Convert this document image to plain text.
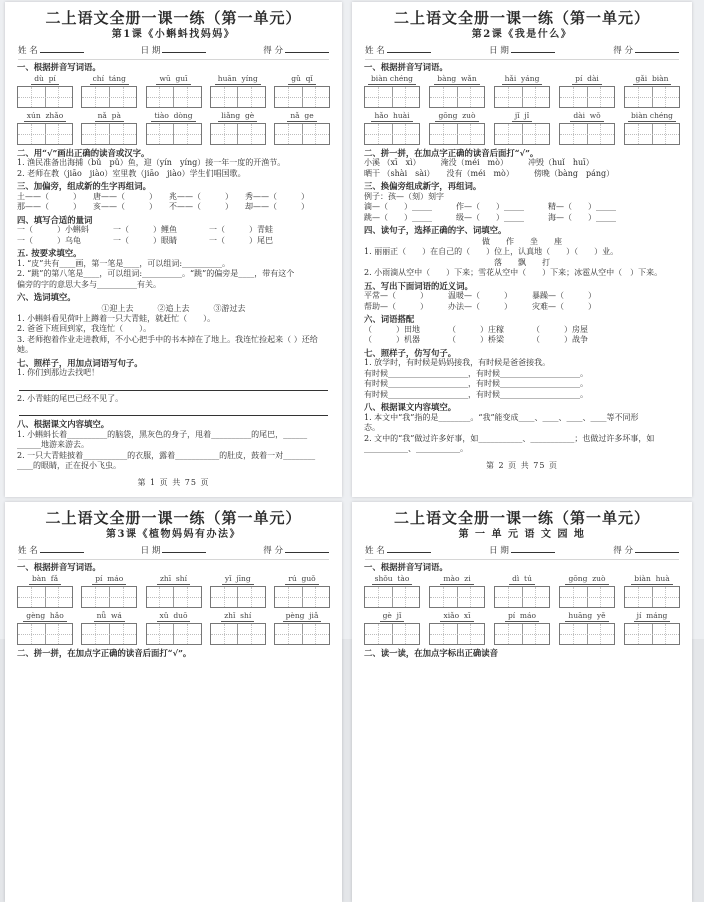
二上语文全册一课一练（第一单元）
第1课《小蝌蚪找妈妈》
姓 名	日 期	得 分
一、根据拼音写词语。
dù  pí	chí  táng	wū  guī	huān  yíng	gǔ  qǐ
xún  zhǎo	nǎ  pà	tiào  dòng	liǎng  gè	nǎ  ge
二、用“√”画出正确的读音或汉字。
1. 渔民准备出海捕（bǔ　pǔ）鱼，迎（yín　yíng）接一年一度的开渔节。
2. 老师在教（jiāo　jiào）室里教（jiāo　jiào）学生们唱国歌。
三、加偏旁，组成新的生字再组词。
土——（　　　）　　唐——（　　　）　　兆——（　　　）　　秀——（　　　）
那——（　　　）　　亥——（　　　）　　不——（　　　）　　却——（　　　）
四、填写合适的量词
一（　　　）小蝌蚪　　　一（　　　）鲤鱼　　　　一（　　　）青蛙
一（　　　）乌龟　　　　一（　　　）眼睛　　　　一（　　　）尾巴
五. 按要求填空。
1. “皮”共有____画，第一笔是____，可以组词:__________。
2. “跳”的第八笔是____，可以组词:__________。“跳”的偏旁是____，带有这个
偏旁的字的意思大多与__________有关。
六、选词填空。
①迎上去　　　②追上去　　　③游过去
1. 小蝌蚪看见荷叶上蹲着一只大青蛙，就赶忙（　　）。
2. 爸爸下班回到家，我连忙（　　）。
3. 老师抱着作业走进教师，不小心把手中的书本掉在了地上。我连忙捡起来（ ）还给她。
七、照样子，用加点词语写句子。
1. 你们到那边去找吧！
2. 小青蛙的尾巴已经不见了。
八、根据课文内容填空。
1. 小蝌蚪长着__________的脑袋，黑灰色的身子，甩着__________的尾巴，______
______地游来游去。
2. 一只大青蛙披着___________的衣服，露着___________的肚皮，鼓着一对________
____的眼睛，正在捉小飞虫。
第 1 页 共 75 页
二上语文全册一课一练（第一单元）
第2课《我是什么》
姓 名	日 期	得 分
一、根据拼音写词语。
biàn chéng	bàng  wǎn	hǎi  yáng	pí  dài	gǎi  biàn
hǎo  huài	gōng  zuò	jǐ  jǐ	dài  wǒ	biàn chéng
二、拼一拼，在加点字正确的读音后面打“√”。
小溪 （xī　xì）　　　淹没（méi　mò）　　　冲毁（huǐ　huī）
晒干 （shài　sài）　　没有（méi　mò）　　　傍晚（bàng　páng）
三、换偏旁组成新字，再组词。
例子：孩—（刻）刻字
滴—（　　）_____　　　作—（　　）_____　　　精—（　　）_____
跳—（　　）_____　　　级—（　　）_____　　　海—（　　）_____
四、读句子，选择正确的字、词填空。
做　　作　　坐　　座
1. 丽丽正（　　）在自己的（　　）位上，认真地（　　）（　　）业。
落　　飘　　打
2. 小雨滴从空中（　　）下来；雪花从空中（　　）下来；冰雹从空中（　）下来。
五、写出下面词语的近义词。
平常—（　　　）　　　温暖—（　　　）　　　暴躁—（　　　）
帮助—（　　　）　　　办法—（　　　）　　　灾难—（　　　）
六、词语搭配
（　　　）田地　　　　（　　　）庄稼　　　　（　　　）房屋
（　　　）机器　　　　（　　　）桥梁　　　　（　　　）战争
七、照样子，仿写句子。
1. 放学时，有时候是妈妈接我，有时候是爸爸接我。
有时候____________________，有时候____________________。
有时候____________________，有时候____________________。
有时候____________________，有时候____________________。
八、根据课文内容填空。
1. 本文中“我”指的是________。“我”能变成____、____、____、____等不同形
态。
2. 文中的“我”做过许多好事，如___________、___________；也做过许多坏事，如
___________、___________。
第 2 页 共 75 页
二上语文全册一课一练（第一单元）
第3课《植物妈妈有办法》
姓 名	日 期	得 分
一、根据拼音写词语。
bàn  fǎ	pí  máo	zhī  shí	yǐ  jīng	rú  guǒ
gèng  hǎo	nǚ  wá	xǔ  duō	zhǐ  shí	pèng  jiǎ
二、拼一拼，在加点字正确的读音后面打“√”。
二上语文全册一课一练（第一单元）
第 一 单 元 语 文 园 地
姓 名	日 期	得 分
一、根据拼音写词语。
shǒu  tào	mào  zi	dì  tú	gōng  zuò	biàn  huà
gè  jǐ	xiǎo  xī	pí  máo	huāng  yě	jí  máng
二、读一读，在加点字标出正确读音
